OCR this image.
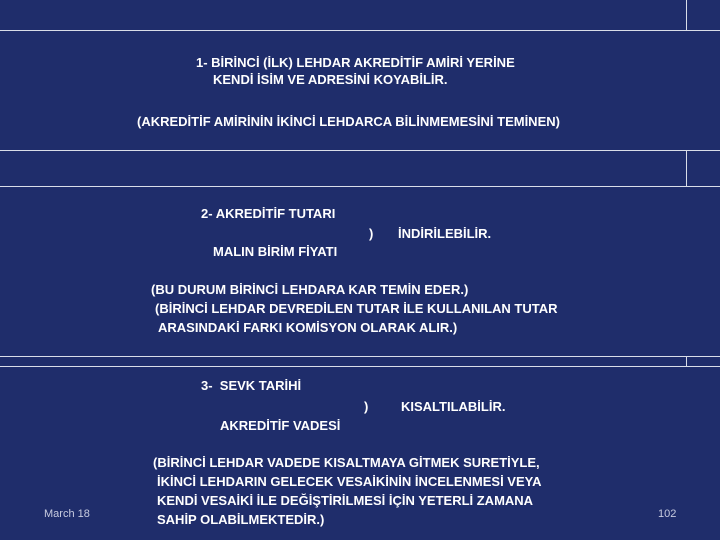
1- BİRİNCİ (İLK) LEHDAR AKREDİTİF AMİRİ YERİNE
KENDİ İSİM VE ADRESİNİ KOYABİLİR.
(AKREDİTİF AMİRİNİN İKİNCİ LEHDARCA BİLİNMEMESİNİ TEMİNEN)
2- AKREDİTİF TUTARI
) İNDİRİLEBİLİR.
MALIN BİRİM FİYATI
(BU DURUM BİRİNCİ LEHDARA KAR TEMİN EDER.)
(BİRİNCİ LEHDAR DEVREDİLEN TUTAR İLE KULLANILAN TUTAR
ARASINDAKİ FARKI KOMİSYON OLARAK ALIR.)
3-  SEVK TARİHİ
)	KISALTILABİLİR.
AKREDİTİF VADESİ
(BİRİNCİ LEHDAR VADEDE KISALTMAYA GİTMEK SURETİYLE,
İKİNCİ LEHDARIN GELECEK VESAİKİNİN İNCELENMESİ VEYA
KENDİ VESAİKİ İLE DEĞİŞTİRİLMESİ İÇİN YETERLİ ZAMANA
SAHİP OLABİLMEKTEDİR.)
March 18	102
